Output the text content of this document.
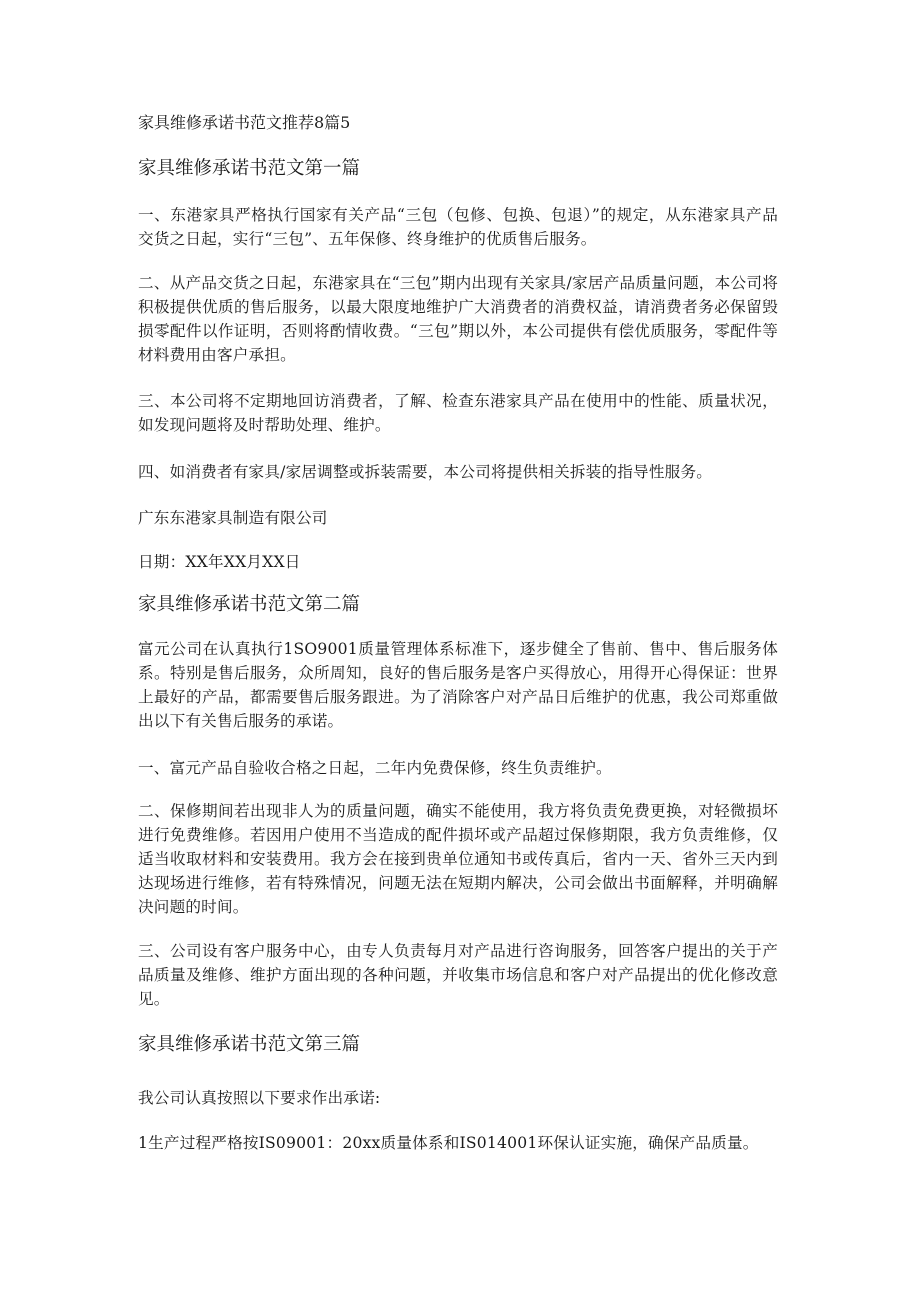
家具维修承诺书范文推荐8篇5
家具维修承诺书范文第一篇
一、东港家具严格执行国家有关产品“三包（包修、包换、包退）”的规定，从东港家具产品交货之日起，实行“三包”、五年保修、终身维护的优质售后服务。
二、从产品交货之日起，东港家具在“三包”期内出现有关家具/家居产品质量问题，本公司将积极提供优质的售后服务，以最大限度地维护广大消费者的消费权益，请消费者务必保留毁损零配件以作证明，否则将酌情收费。“三包”期以外，本公司提供有偿优质服务，零配件等材料费用由客户承担。
三、本公司将不定期地回访消费者，了解、检查东港家具产品在使用中的性能、质量状况，如发现问题将及时帮助处理、维护。
四、如消费者有家具/家居调整或拆装需要，本公司将提供相关拆装的指导性服务。
广东东港家具制造有限公司
日期：XX年XX月XX日
家具维修承诺书范文第二篇
富元公司在认真执行1SO9001质量管理体系标准下，逐步健全了售前、售中、售后服务体系。特别是售后服务，众所周知，良好的售后服务是客户买得放心，用得开心得保证：世界上最好的产品，都需要售后服务跟进。为了消除客户对产品日后维护的优惠，我公司郑重做出以下有关售后服务的承诺。
一、富元产品自验收合格之日起，二年内免费保修，终生负责维护。
二、保修期间若出现非人为的质量问题，确实不能使用，我方将负责免费更换，对轻微损坏进行免费维修。若因用户使用不当造成的配件损坏或产品超过保修期限，我方负责维修，仅适当收取材料和安装费用。我方会在接到贵单位通知书或传真后，省内一天、省外三天内到达现场进行维修，若有特殊情况，问题无法在短期内解决，公司会做出书面解释，并明确解决问题的时间。
三、公司设有客户服务中心，由专人负责每月对产品进行咨询服务，回答客户提出的关于产品质量及维修、维护方面出现的各种问题，并收集市场信息和客户对产品提出的优化修改意见。
家具维修承诺书范文第三篇
我公司认真按照以下要求作出承诺:
1生产过程严格按IS09001：20xx质量体系和IS014001环保认证实施，确保产品质量。
